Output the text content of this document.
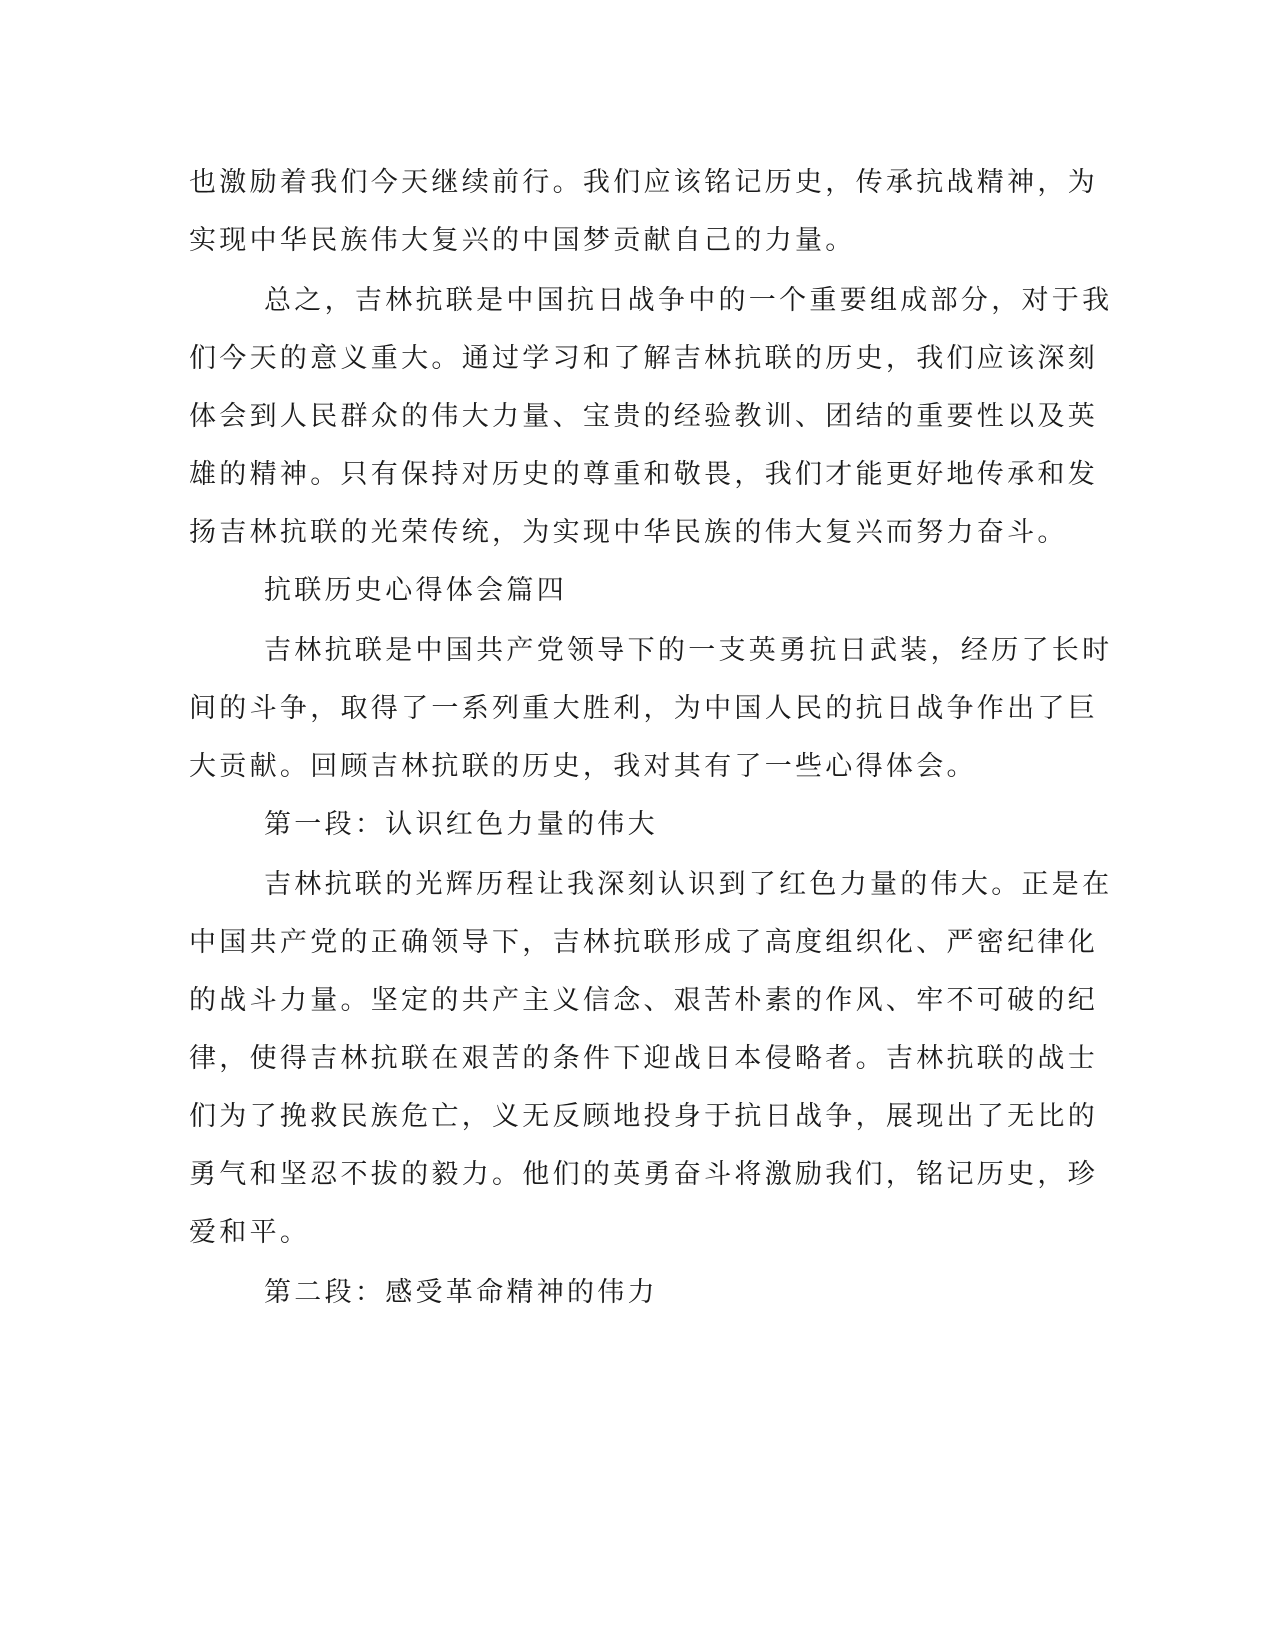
也激励着我们今天继续前行。我们应该铭记历史，传承抗战精神，为
实现中华民族伟大复兴的中国梦贡献自己的力量。
总之，吉林抗联是中国抗日战争中的一个重要组成部分，对于我
们今天的意义重大。通过学习和了解吉林抗联的历史，我们应该深刻
体会到人民群众的伟大力量、宝贵的经验教训、团结的重要性以及英
雄的精神。只有保持对历史的尊重和敬畏，我们才能更好地传承和发
扬吉林抗联的光荣传统，为实现中华民族的伟大复兴而努力奋斗。
抗联历史心得体会篇四
吉林抗联是中国共产党领导下的一支英勇抗日武装，经历了长时
间的斗争，取得了一系列重大胜利，为中国人民的抗日战争作出了巨
大贡献。回顾吉林抗联的历史，我对其有了一些心得体会。
第一段：认识红色力量的伟大
吉林抗联的光辉历程让我深刻认识到了红色力量的伟大。正是在
中国共产党的正确领导下，吉林抗联形成了高度组织化、严密纪律化
的战斗力量。坚定的共产主义信念、艰苦朴素的作风、牢不可破的纪
律，使得吉林抗联在艰苦的条件下迎战日本侵略者。吉林抗联的战士
们为了挽救民族危亡，义无反顾地投身于抗日战争，展现出了无比的
勇气和坚忍不拔的毅力。他们的英勇奋斗将激励我们，铭记历史，珍
爱和平。
第二段：感受革命精神的伟力
